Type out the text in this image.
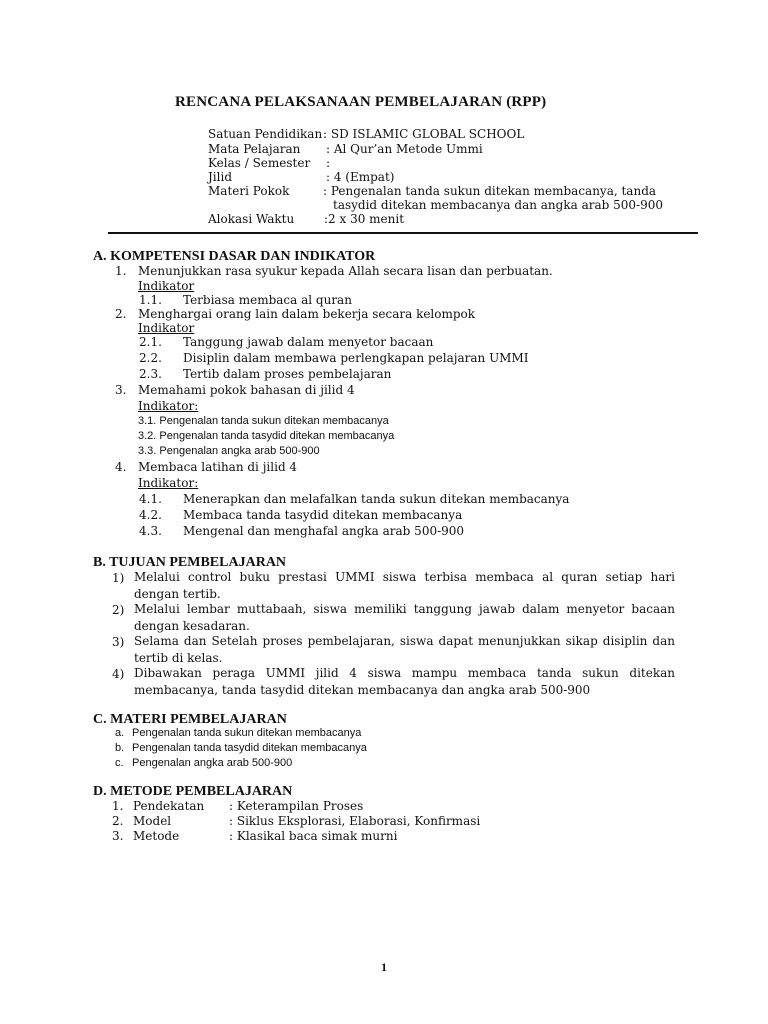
RENCANA PELAKSANAAN PEMBELAJARAN (RPP)
Satuan Pendidikan : SD ISLAMIC GLOBAL SCHOOL
Mata Pelajaran : Al Qur’an Metode Ummi
Kelas / Semester :
Jilid	: 4 (Empat)
Materi Pokok	: Pengenalan tanda sukun ditekan membacanya, tanda
tasydid ditekan membacanya dan angka arab 500-900
Alokasi Waktu :2 x 30 menit
A. KOMPETENSI DASAR DAN INDIKATOR
1. Menunjukkan rasa syukur kepada Allah secara lisan dan perbuatan.
Indikator
1.1. Terbiasa membaca al quran
2. Menghargai orang lain dalam bekerja secara kelompok
Indikator
2.1. Tanggung jawab dalam menyetor bacaan
2.2. Disiplin dalam membawa perlengkapan pelajaran UMMI
2.3. Tertib dalam proses pembelajaran
3. Memahami pokok bahasan di jilid 4
Indikator:
3.1. Pengenalan tanda sukun ditekan membacanya
3.2. Pengenalan tanda tasydid ditekan membacanya
3.3. Pengenalan angka arab 500-900
4. Membaca latihan di jilid 4
Indikator:
4.1. Menerapkan dan melafalkan tanda sukun ditekan membacanya
4.2. Membaca tanda tasydid ditekan membacanya
4.3. Mengenal dan menghafal angka arab 500-900
B. TUJUAN PEMBELAJARAN
1) Melalui control buku prestasi UMMI siswa terbisa membaca al quran setiap hari dengan tertib.
2) Melalui lembar muttabaah, siswa memiliki tanggung jawab dalam menyetor bacaan dengan kesadaran.
3) Selama dan Setelah proses pembelajaran, siswa dapat menunjukkan sikap disiplin dan tertib di kelas.
4) Dibawakan peraga UMMI jilid 4 siswa mampu membaca tanda sukun ditekan membacanya, tanda tasydid ditekan membacanya dan angka arab 500-900
C. MATERI PEMBELAJARAN
a. Pengenalan tanda sukun ditekan membacanya
b. Pengenalan tanda tasydid ditekan membacanya
c. Pengenalan angka arab 500-900
D. METODE PEMBELAJARAN
1. Pendekatan : Keterampilan Proses
2. Model	: Siklus Eksplorasi, Elaborasi, Konfirmasi
3. Metode	: Klasikal baca simak murni
1
